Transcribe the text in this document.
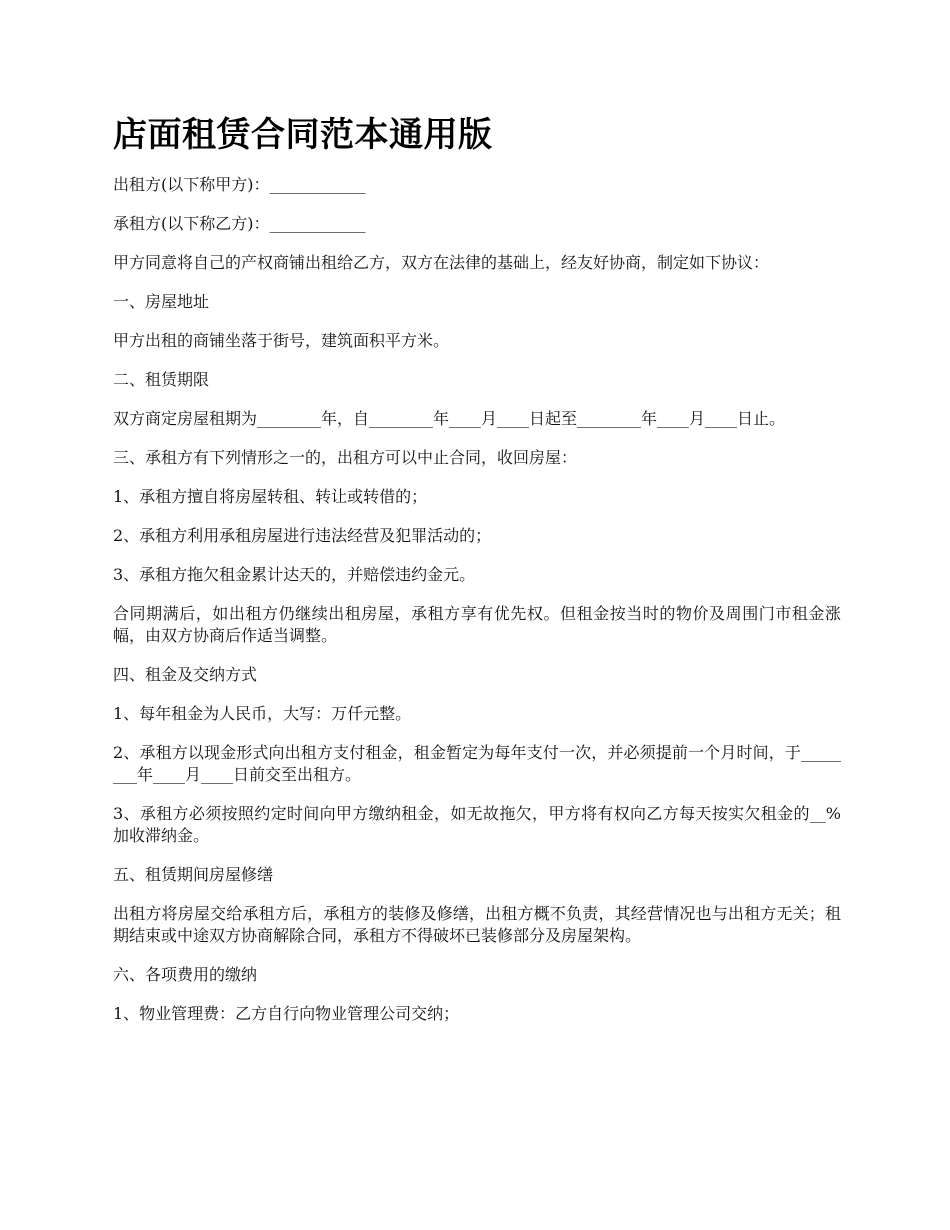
店面租赁合同范本通用版

出租方(以下称甲方)：____________

承租方(以下称乙方)：____________

甲方同意将自己的产权商铺出租给乙方，双方在法律的基础上，经友好协商，制定如下协议：

一、房屋地址

甲方出租的商铺坐落于街号，建筑面积平方米。

二、租赁期限

双方商定房屋租期为________年，自________年____月____日起至________年____月____日止。

三、承租方有下列情形之一的，出租方可以中止合同，收回房屋：

1、承租方擅自将房屋转租、转让或转借的；

2、承租方利用承租房屋进行违法经营及犯罪活动的；

3、承租方拖欠租金累计达天的，并赔偿违约金元。

合同期满后，如出租方仍继续出租房屋，承租方享有优先权。但租金按当时的物价及周围门市租金涨幅，由双方协商后作适当调整。

四、租金及交纳方式

1、每年租金为人民币，大写：万仟元整。

2、承租方以现金形式向出租方支付租金，租金暂定为每年支付一次，并必须提前一个月时间，于________年____月____日前交至出租方。

3、承租方必须按照约定时间向甲方缴纳租金，如无故拖欠，甲方将有权向乙方每天按实欠租金的__%加收滞纳金。

五、租赁期间房屋修缮

出租方将房屋交给承租方后，承租方的装修及修缮，出租方概不负责，其经营情况也与出租方无关；租期结束或中途双方协商解除合同，承租方不得破坏已装修部分及房屋架构。

六、各项费用的缴纳

1、物业管理费：乙方自行向物业管理公司交纳；
